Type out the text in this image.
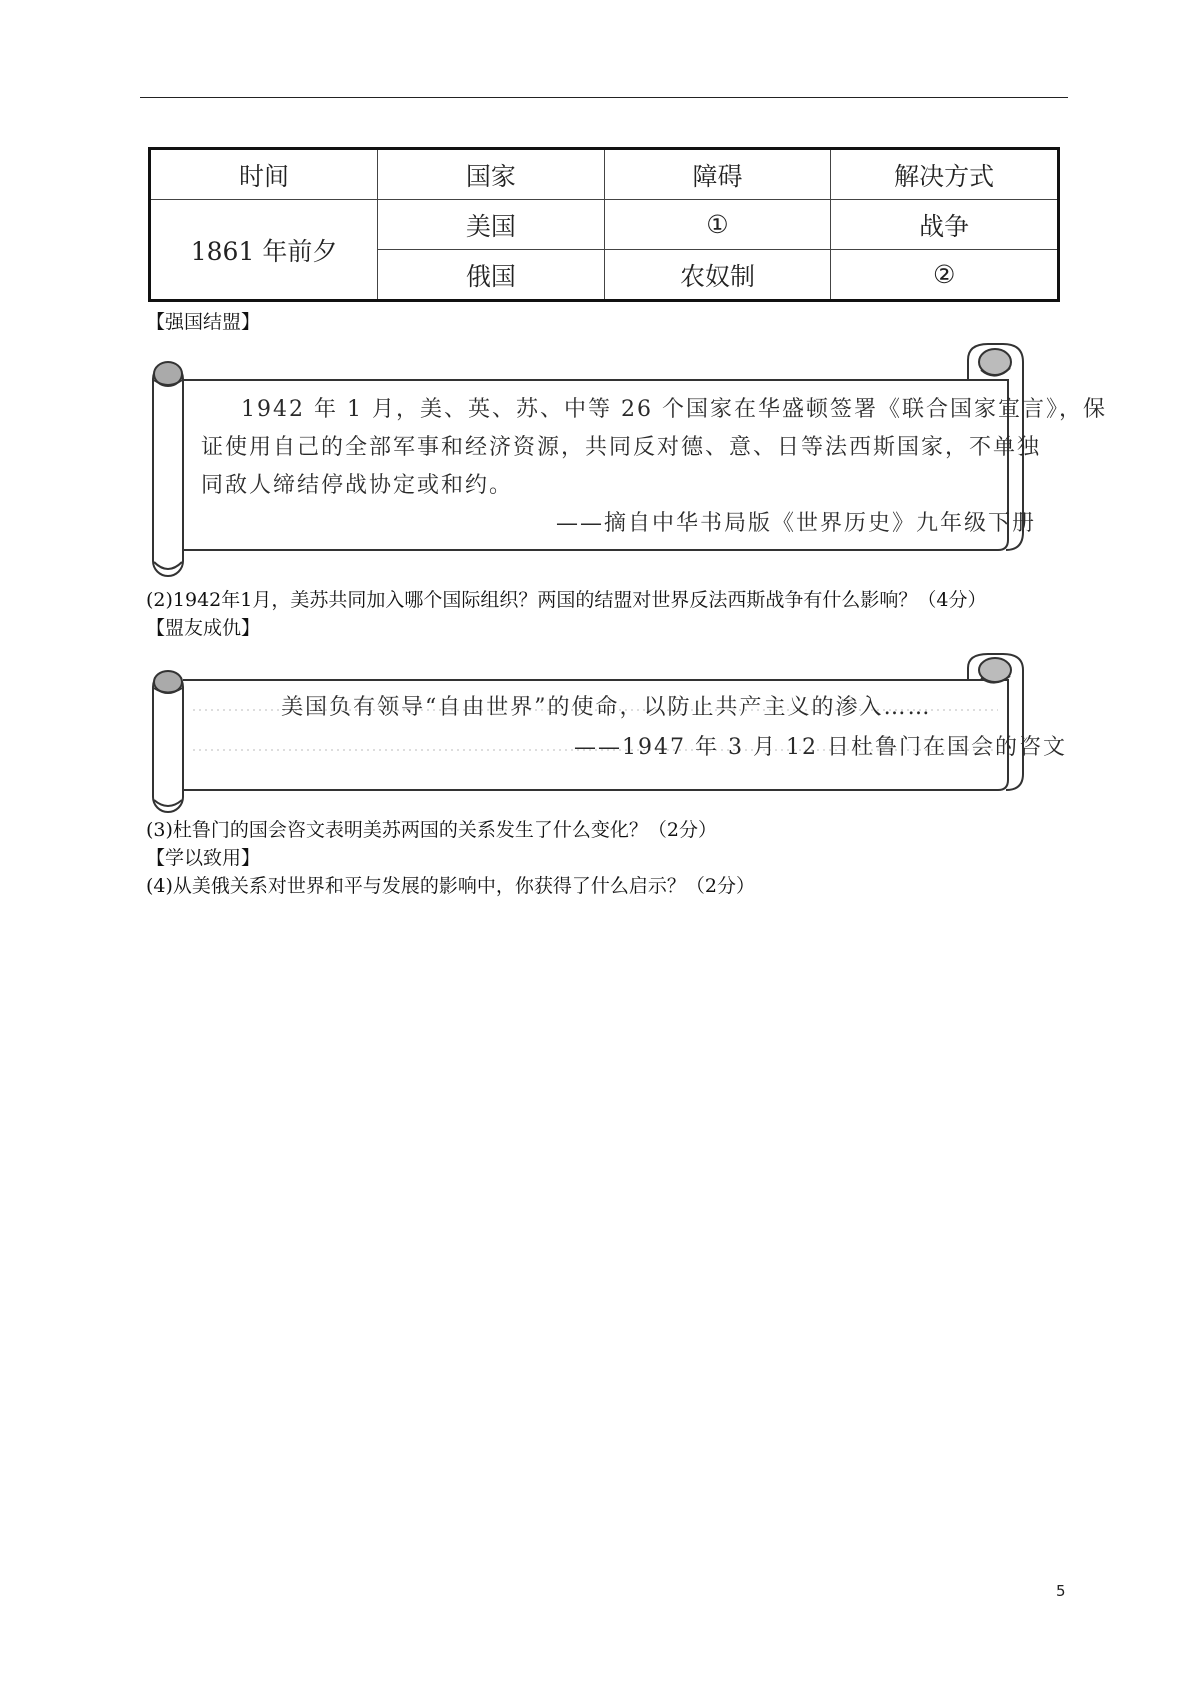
时间	国家	障碍	解决方式
1861 年前夕	美国	①	战争
	俄国	农奴制	②
【强国结盟】
1942 年 1 月，美、英、苏、中等 26 个国家在华盛顿签署《联合国家宣言》，保
证使用自己的全部军事和经济资源，共同反对德、意、日等法西斯国家，不单独
同敌人缔结停战协定或和约。
——摘自中华书局版《世界历史》九年级下册
(2)1942年1月，美苏共同加入哪个国际组织？两国的结盟对世界反法西斯战争有什么影响？（4分）
【盟友成仇】
美国负有领导“自由世界”的使命，以防止共产主义的渗入……
——1947 年 3 月 12 日杜鲁门在国会的咨文
(3)杜鲁门的国会咨文表明美苏两国的关系发生了什么变化？（2分）
【学以致用】
(4)从美俄关系对世界和平与发展的影响中，你获得了什么启示？（2分）
5
